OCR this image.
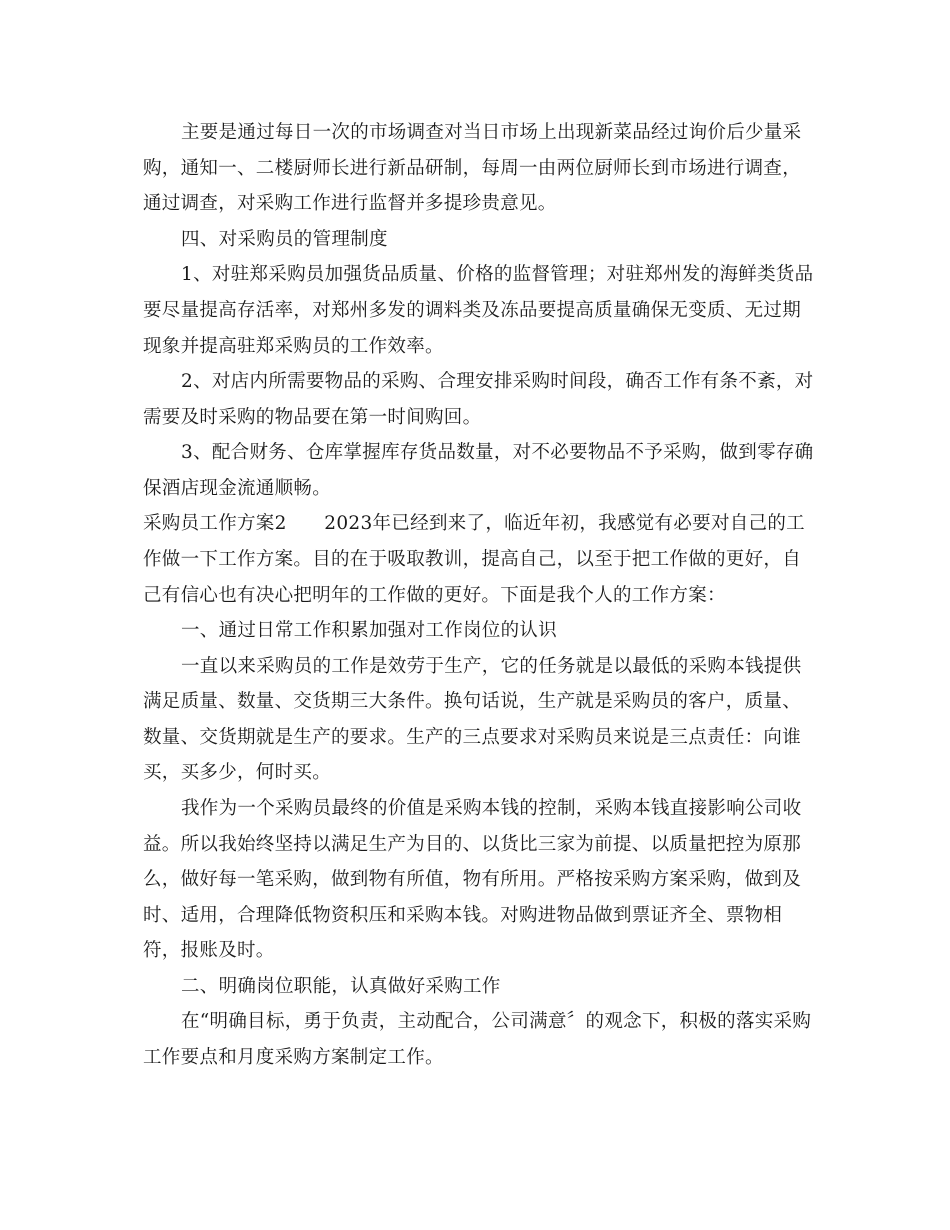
主要是通过每日一次的市场调查对当日市场上出现新菜品经过询价后少量采
购，通知一、二楼厨师长进行新品研制，每周一由两位厨师长到市场进行调查，
通过调查，对采购工作进行监督并多提珍贵意见。
四、对采购员的管理制度
1、对驻郑采购员加强货品质量、价格的监督管理；对驻郑州发的海鲜类货品
要尽量提高存活率，对郑州多发的调料类及冻品要提高质量确保无变质、无过期
现象并提高驻郑采购员的工作效率。
2、对店内所需要物品的采购、合理安排采购时间段，确否工作有条不紊，对
需要及时采购的物品要在第一时间购回。
3、配合财务、仓库掌握库存货品数量，对不必要物品不予采购，做到零存确
保酒店现金流通顺畅。
采购员工作方案2　　2023年已经到来了，临近年初，我感觉有必要对自己的工
作做一下工作方案。目的在于吸取教训，提高自己，以至于把工作做的更好，自
己有信心也有决心把明年的工作做的更好。下面是我个人的工作方案：
一、通过日常工作积累加强对工作岗位的认识
一直以来采购员的工作是效劳于生产，它的任务就是以最低的采购本钱提供
满足质量、数量、交货期三大条件。换句话说，生产就是采购员的客户，质量、
数量、交货期就是生产的要求。生产的三点要求对采购员来说是三点责任：向谁
买，买多少，何时买。
我作为一个采购员最终的价值是采购本钱的控制，采购本钱直接影响公司收
益。所以我始终坚持以满足生产为目的、以货比三家为前提、以质量把控为原那
么，做好每一笔采购，做到物有所值，物有所用。严格按采购方案采购，做到及
时、适用，合理降低物资积压和采购本钱。对购进物品做到票证齐全、票物相
符，报账及时。
二、明确岗位职能，认真做好采购工作
在“明确目标，勇于负责，主动配合，公司满意〞的观念下，积极的落实采购
工作要点和月度采购方案制定工作。
